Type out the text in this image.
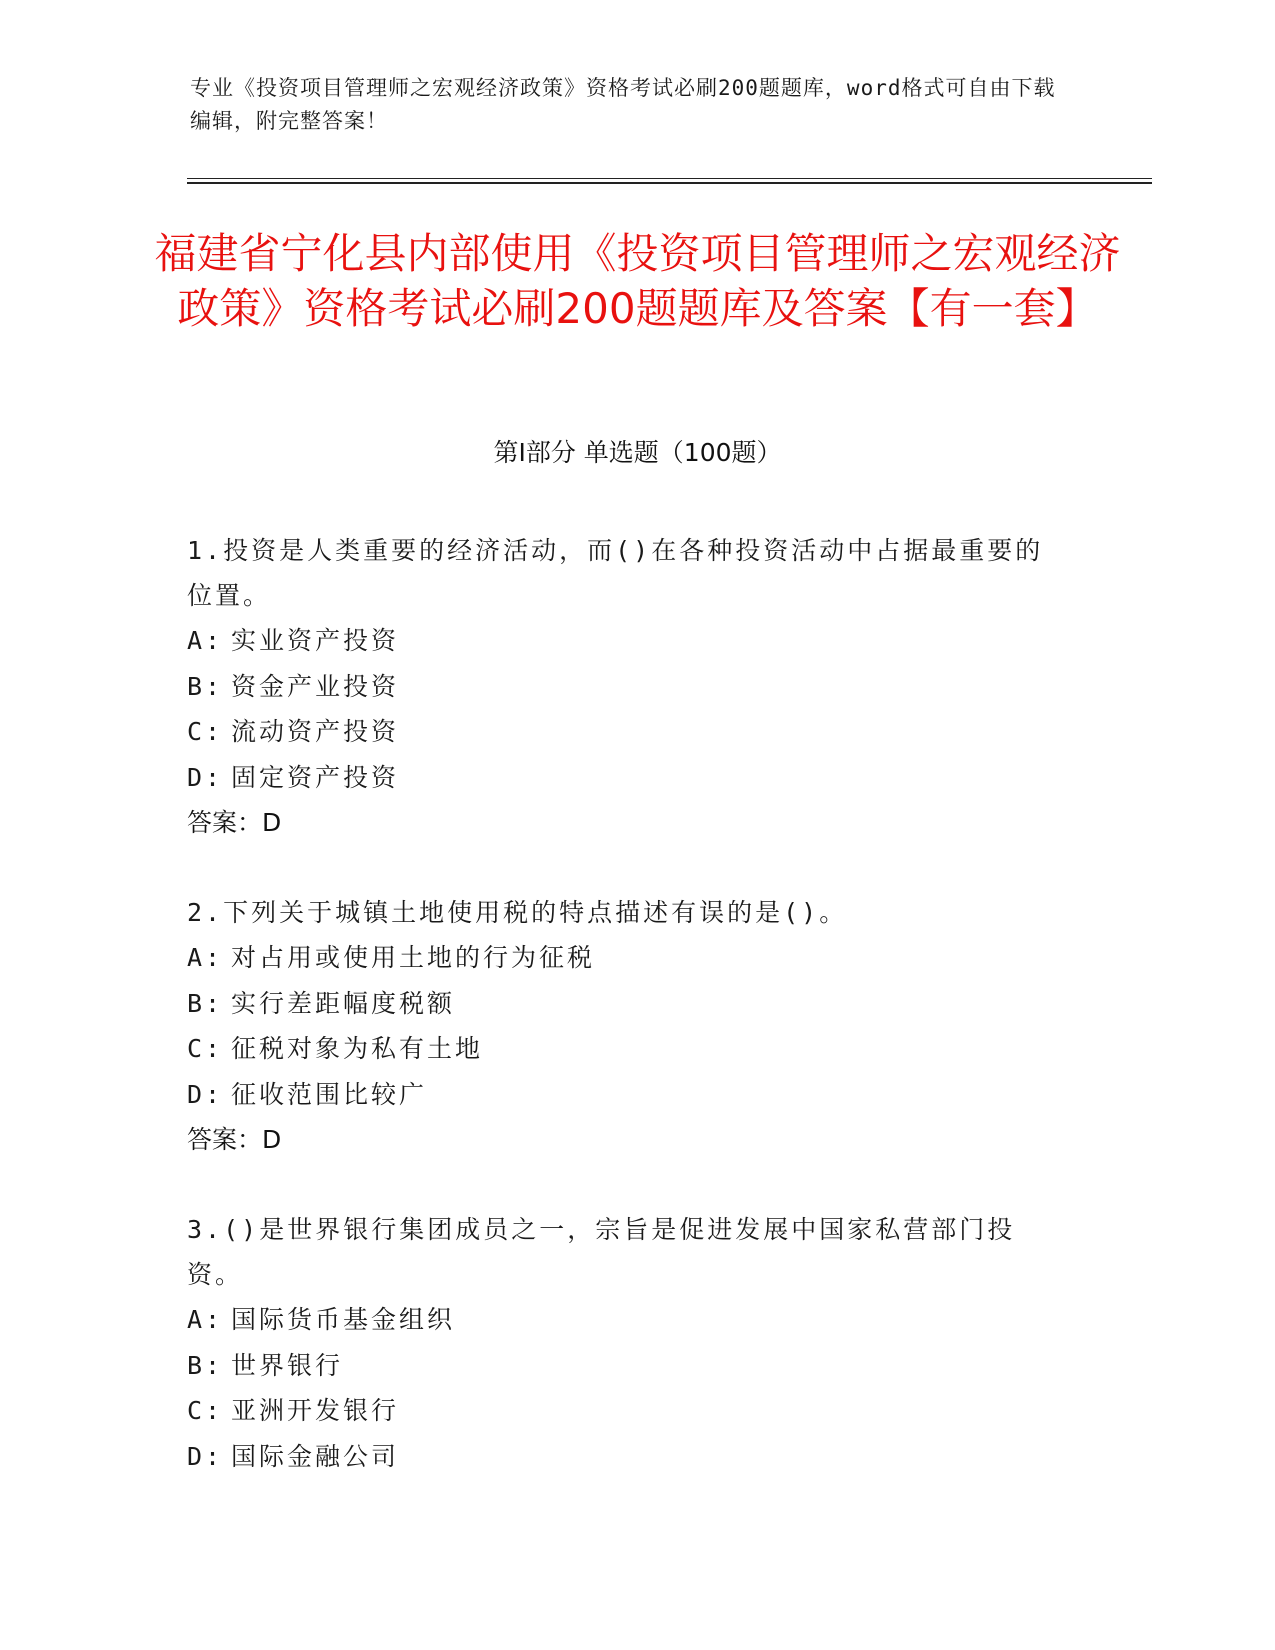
专业《投资项目管理师之宏观经济政策》资格考试必刷200题题库，word格式可自由下载编辑，附完整答案！
福建省宁化县内部使用《投资项目管理师之宏观经济政策》资格考试必刷200题题库及答案【有一套】
第Ⅰ部分 单选题（100题）

1.投资是人类重要的经济活动，而()在各种投资活动中占据最重要的位置。

A: 实业资产投资
B: 资金产业投资
C: 流动资产投资
D: 固定资产投资
答案：D

2.下列关于城镇土地使用税的特点描述有误的是()。

A: 对占用或使用土地的行为征税
B: 实行差距幅度税额
C: 征税对象为私有土地
D: 征收范围比较广
答案：D

3.()是世界银行集团成员之一，宗旨是促进发展中国家私营部门投资。

A: 国际货币基金组织
B: 世界银行
C: 亚洲开发银行
D: 国际金融公司
